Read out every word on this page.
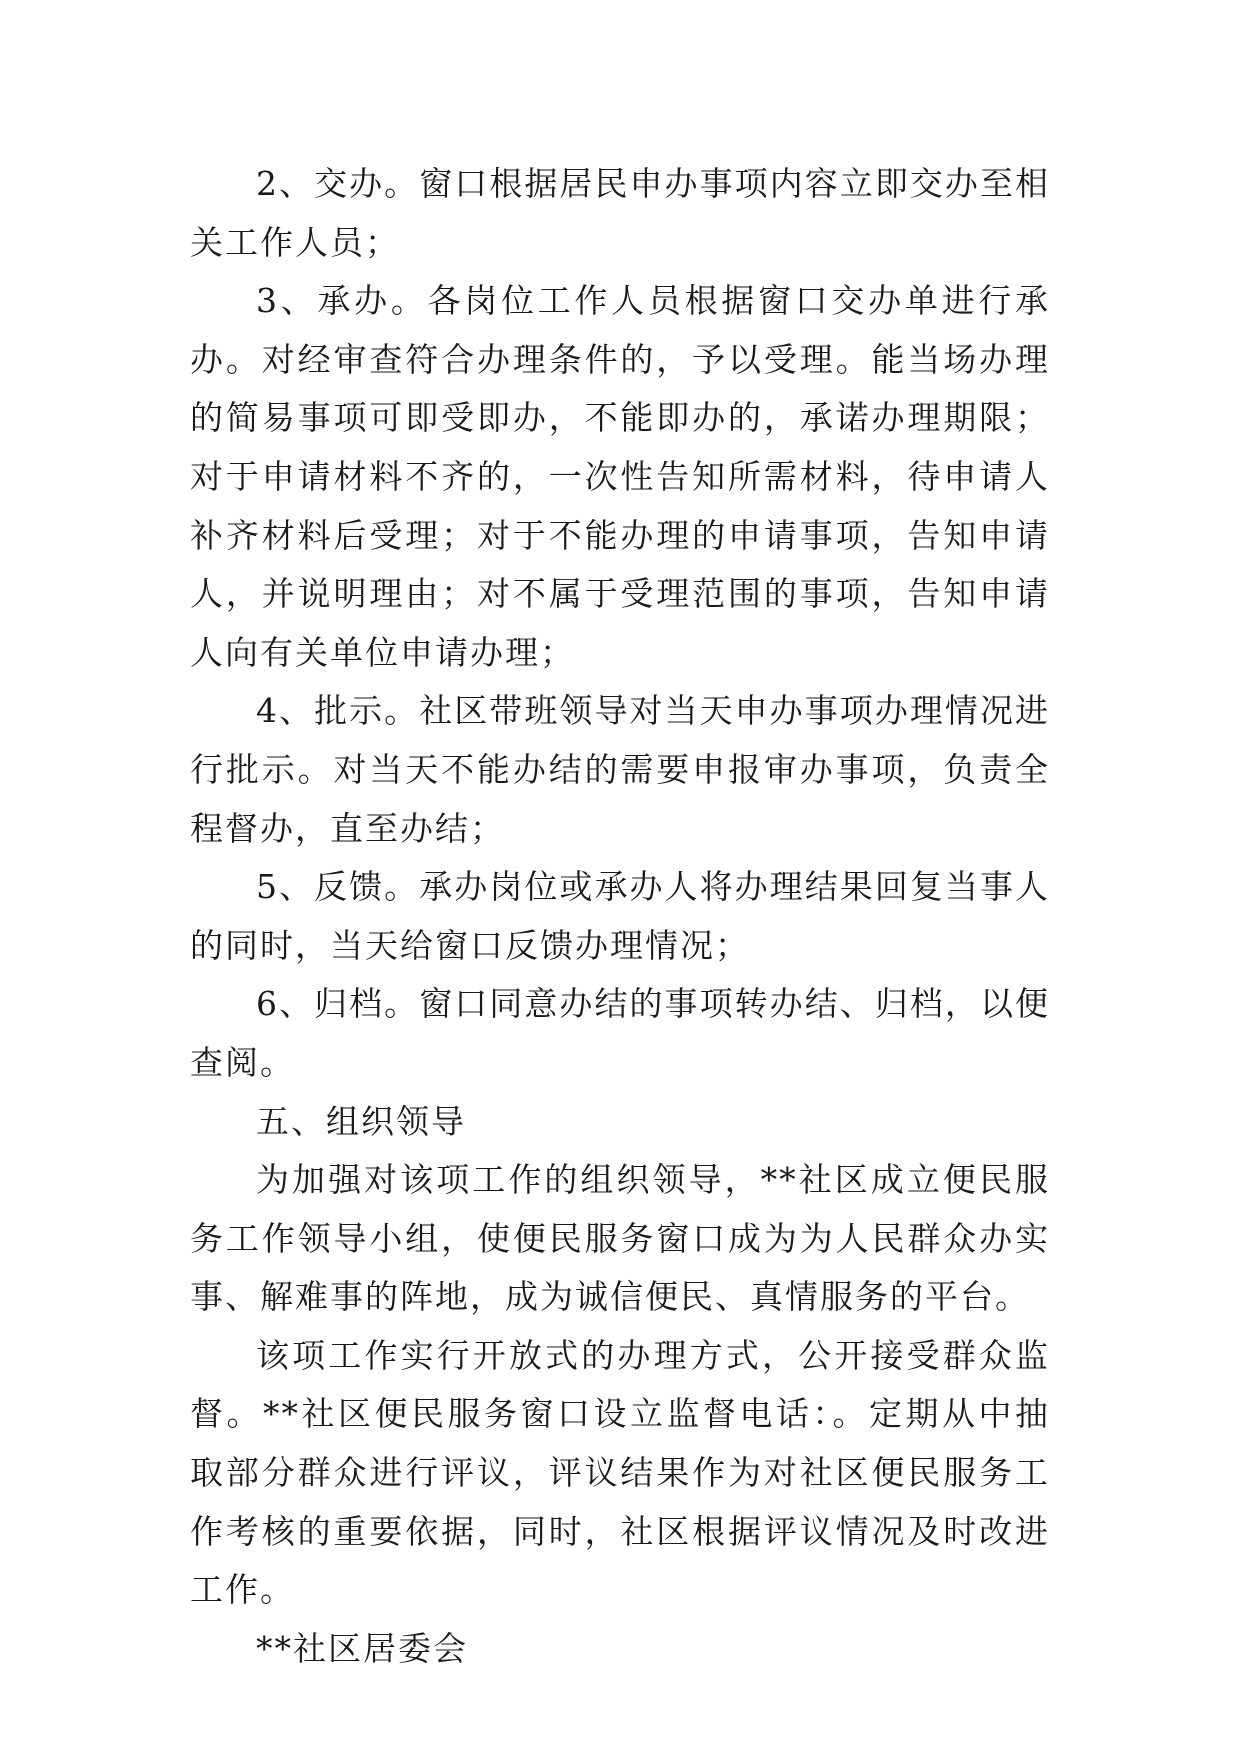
2、交办。窗口根据居民申办事项内容立即交办至相关工作人员；

3、承办。各岗位工作人员根据窗口交办单进行承办。对经审查符合办理条件的，予以受理。能当场办理的简易事项可即受即办，不能即办的，承诺办理期限；对于申请材料不齐的，一次性告知所需材料，待申请人补齐材料后受理；对于不能办理的申请事项，告知申请人，并说明理由；对不属于受理范围的事项，告知申请人向有关单位申请办理；

4、批示。社区带班领导对当天申办事项办理情况进行批示。对当天不能办结的需要申报审办事项，负责全程督办，直至办结；

5、反馈。承办岗位或承办人将办理结果回复当事人的同时，当天给窗口反馈办理情况；

6、归档。窗口同意办结的事项转办结、归档，以便查阅。

五、组织领导

为加强对该项工作的组织领导，**社区成立便民服务工作领导小组，使便民服务窗口成为为人民群众办实事、解难事的阵地，成为诚信便民、真情服务的平台。

该项工作实行开放式的办理方式，公开接受群众监督。**社区便民服务窗口设立监督电话：。定期从中抽取部分群众进行评议，评议结果作为对社区便民服务工作考核的重要依据，同时，社区根据评议情况及时改进工作。

**社区居委会
